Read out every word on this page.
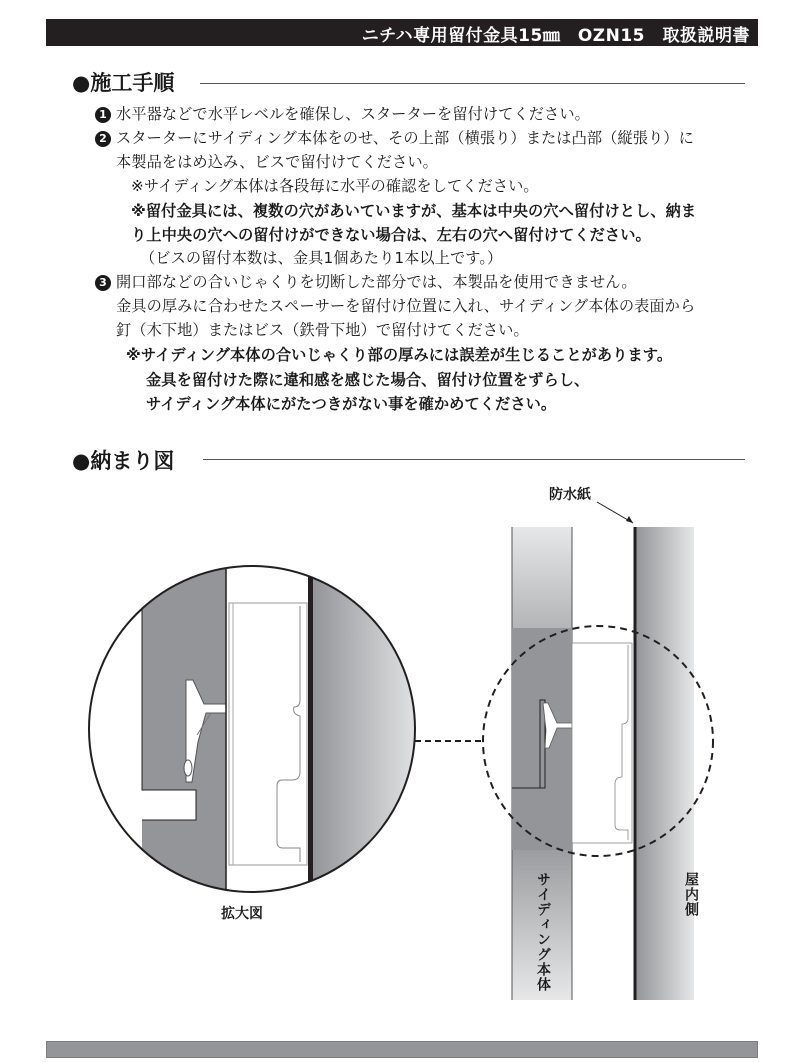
ニチハ専用留付金具15㎜　OZN15　取扱説明書
●施工手順
1 水平器などで水平レベルを確保し、スターターを留付けてください。
2 スターターにサイディング本体をのせ、その上部（横張り）または凸部（縦張り）に
本製品をはめ込み、ビスで留付けてください。
※サイディング本体は各段毎に水平の確認をしてください。
※留付金具には、複数の穴があいていますが、基本は中央の穴へ留付けとし、納ま
り上中央の穴への留付けができない場合は、左右の穴へ留付けてください。
（ビスの留付本数は、金具1個あたり1本以上です。）
3 開口部などの合いじゃくりを切断した部分では、本製品を使用できません。
金具の厚みに合わせたスペーサーを留付け位置に入れ、サイディング本体の表面から
釘（木下地）またはビス（鉄骨下地）で留付けてください。
※サイディング本体の合いじゃくり部の厚みには誤差が生じることがあります。
金具を留付けた際に違和感を感じた場合、留付け位置をずらし、
サイディング本体にがたつきがない事を確かめてください。
●納まり図
拡大図
防水紙
サイディング本体	屋内側
